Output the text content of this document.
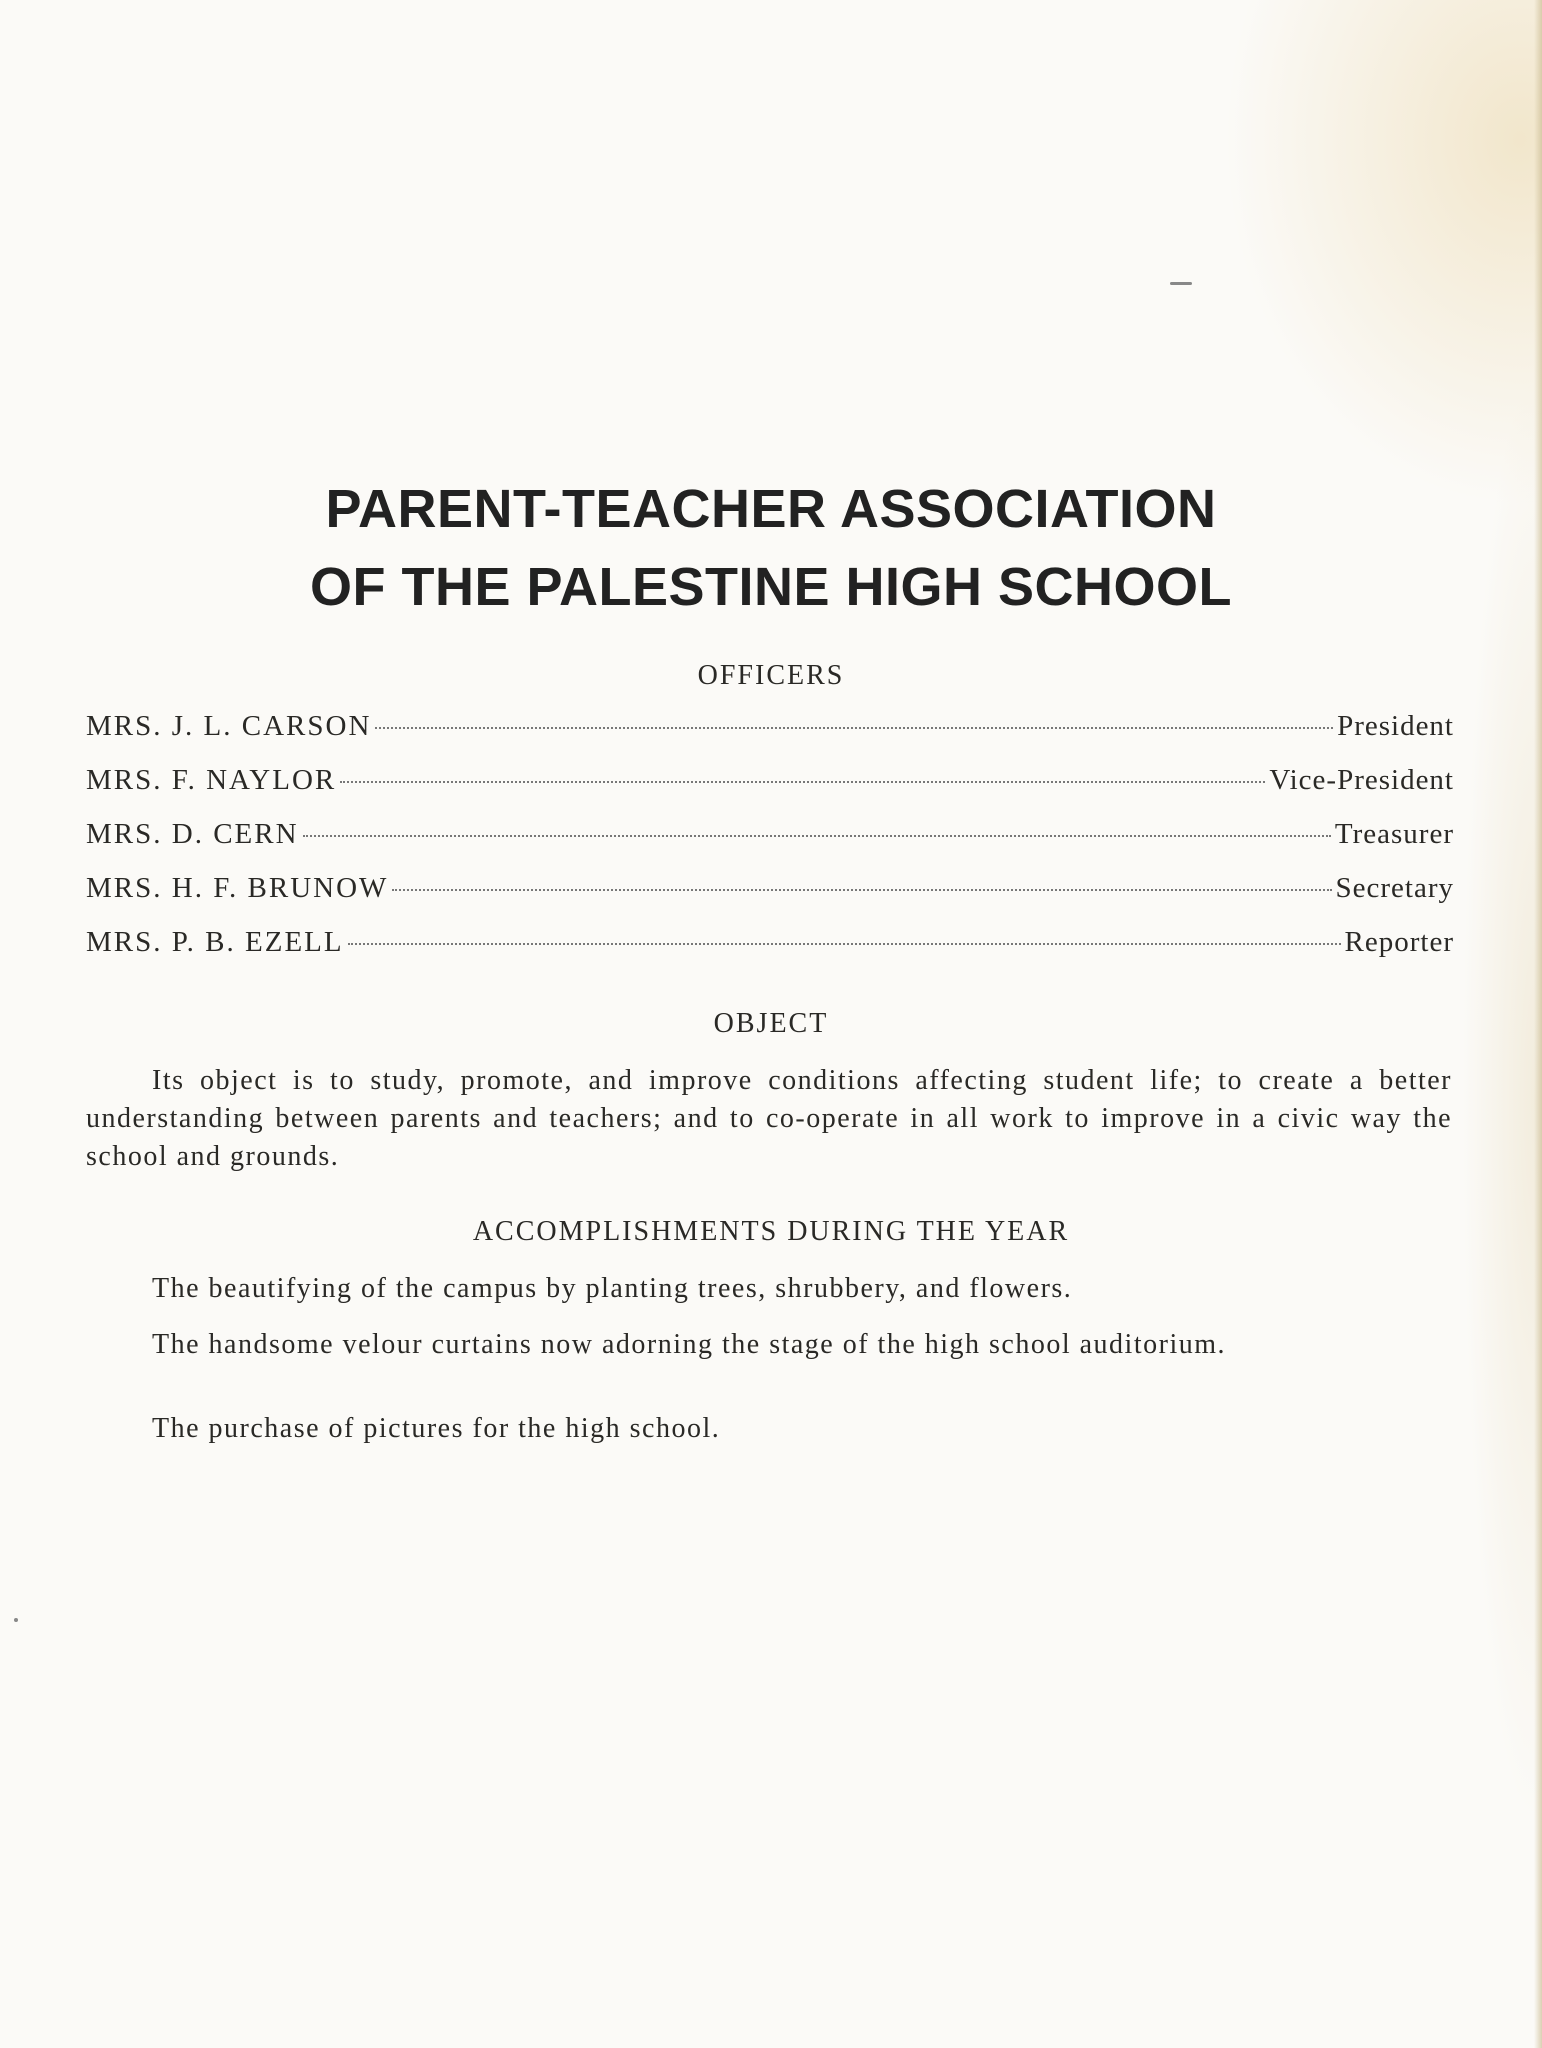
PARENT-TEACHER ASSOCIATION
OF THE PALESTINE HIGH SCHOOL
OFFICERS
MRS. J. L. CARSON	President
MRS. F. NAYLOR	Vice-President
MRS. D. CERN	Treasurer
MRS. H. F. BRUNOW	Secretary
MRS. P. B. EZELL	Reporter
OBJECT

Its object is to study, promote, and improve conditions affecting student life; to create a better understanding between parents and teachers; and to co-operate in all work to improve in a civic way the school and grounds.

ACCOMPLISHMENTS DURING THE YEAR

The beautifying of the campus by planting trees, shrubbery, and flowers.

The handsome velour curtains now adorning the stage of the high school auditorium.

The purchase of pictures for the high school.
